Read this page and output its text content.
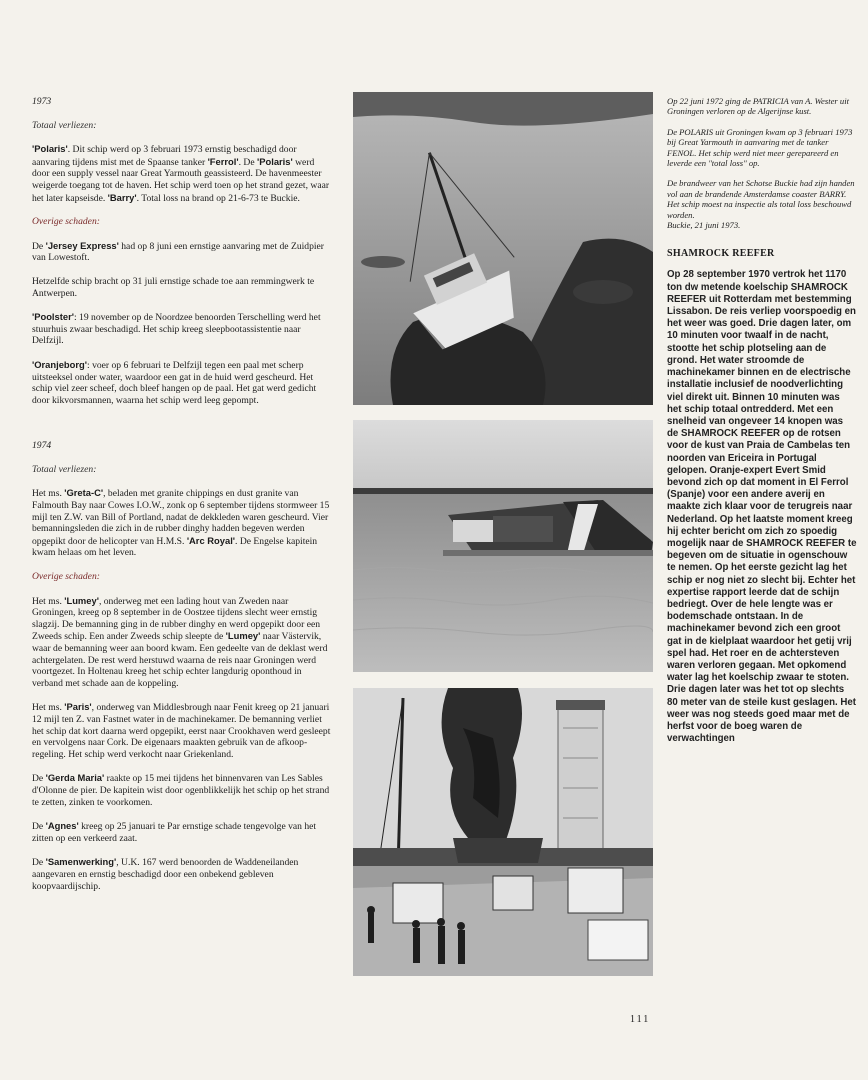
1973

Totaal verliezen:

'Polaris'. Dit schip werd op 3 februari 1973 ernstig beschadigd door aanvaring tijdens mist met de Spaanse tanker 'Ferrol'. De 'Polaris' werd door een supply vessel naar Great Yarmouth geassisteerd. De havenmeester weigerde toegang tot de haven. Het schip werd toen op het strand gezet, waar het later kapseisde. 'Barry'. Total loss na brand op 21-6-73 te Buckie.

Overige schaden:

De 'Jersey Express' had op 8 juni een ernstige aanvaring met de Zuidpier van Lowestoft.

Hetzelfde schip bracht op 31 juli ernstige schade toe aan remmingwerk te Antwerpen.

'Poolster': 19 november op de Noordzee benoorden Terschelling werd het stuurhuis zwaar beschadigd. Het schip kreeg sleepbootassistentie naar Delfzijl.

'Oranjeborg': voer op 6 februari te Delfzijl tegen een paal met scherp uitsteeksel onder water, waardoor een gat in de huid werd gescheurd. Het schip viel zeer scheef, doch bleef hangen op de paal. Het gat werd gedicht door kikvorsmannen, waarna het schip werd leeg gepompt.

1974

Totaal verliezen:

Het ms. 'Greta-C', beladen met granite chippings en dust granite van Falmouth Bay naar Cowes I.O.W., zonk op 6 september tijdens stormweer 15 mijl ten Z.W. van Bill of Portland, nadat de dekkleden waren gescheurd. Vier bemanningsleden die zich in de rubber dinghy hadden begeven werden opgepikt door de helicopter van H.M.S. 'Arc Royal'. De Engelse kapitein kwam helaas om het leven.

Overige schaden:

Het ms. 'Lumey', onderweg met een lading hout van Zweden naar Groningen, kreeg op 8 september in de Oostzee tijdens slecht weer ernstig slagzij. De bemanning ging in de rubber dinghy en werd opgepikt door een Zweeds schip. Een ander Zweeds schip sleepte de 'Lumey' naar Västervik, waar de bemanning weer aan boord kwam. Een gedeelte van de deklast werd achtergelaten. De rest werd herstuwd waarna de reis naar Groningen werd voortgezet. In Holtenau kreeg het schip echter langdurig oponthoud in verband met schade aan de koppeling.

Het ms. 'Paris', onderweg van Middlesbrough naar Fenit kreeg op 21 januari 12 mijl ten Z. van Fastnet water in de machinekamer. De bemanning verliet het schip dat kort daarna werd opgepikt, eerst naar Crookhaven werd gesleept en vervolgens naar Cork. De eigenaars maakten gebruik van de afkoop-regeling. Het schip werd verkocht naar Griekenland.

De 'Gerda Maria' raakte op 15 mei tijdens het binnenvaren van Les Sables d'Olonne de pier. De kapitein wist door ogenblikkelijk het schip op het strand te zetten, zinken te voorkomen.

De 'Agnes' kreeg op 25 januari te Par ernstige schade tengevolge van het zitten op een verkeerd zaat.

De 'Samenwerking', U.K. 167 werd benoorden de Waddeneilanden aangevaren en ernstig beschadigd door een onbekend gebleven koopvaardijschip.

Op 22 juni 1972 ging de PATRICIA van A. Wester uit Groningen verloren op de Algerijnse kust.

De POLARIS uit Groningen kwam op 3 februari 1973 bij Great Yarmouth in aanvaring met de tanker FENOL. Het schip werd niet meer gerepareerd en leverde een "total loss" op.

De brandweer van het Schotse Buckie had zijn handen vol aan de brandende Amsterdamse coaster BARRY. Het schip moest na inspectie als total loss beschouwd worden.

Buckie, 21 juni 1973.

SHAMROCK REEFER

Op 28 september 1970 vertrok het 1170 ton dw metende koelschip SHAMROCK REEFER uit Rotterdam met bestemming Lissabon. De reis verliep voorspoedig en het weer was goed. Drie dagen later, om 10 minuten voor twaalf in de nacht, stootte het schip plotseling aan de grond. Het water stroomde de machinekamer binnen en de electrische installatie inclusief de noodverlichting viel direkt uit. Binnen 10 minuten was het schip totaal ontredderd. Met een snelheid van ongeveer 14 knopen was de SHAMROCK REEFER op de rotsen voor de kust van Praia de Cambelas ten noorden van Ericeira in Portugal gelopen. Oranje-expert Evert Smid bevond zich op dat moment in El Ferrol (Spanje) voor een andere averij en maakte zich klaar voor de terugreis naar Nederland. Op het laatste moment kreeg hij echter bericht om zich zo spoedig mogelijk naar de SHAMROCK REEFER te begeven om de situatie in ogenschouw te nemen. Op het eerste gezicht lag het schip er nog niet zo slecht bij. Echter het expertise rapport leerde dat de schijn bedriegt. Over de hele lengte was er bodemschade ontstaan. In de machinekamer bevond zich een groot gat in de kielplaat waardoor het getij vrij spel had. Het roer en de achtersteven waren verloren gegaan. Met opkomend water lag het koelschip zwaar te stoten. Drie dagen later was het tot op slechts 80 meter van de steile kust geslagen. Het weer was nog steeds goed maar met de herfst voor de boeg waren de verwachtingen

111
